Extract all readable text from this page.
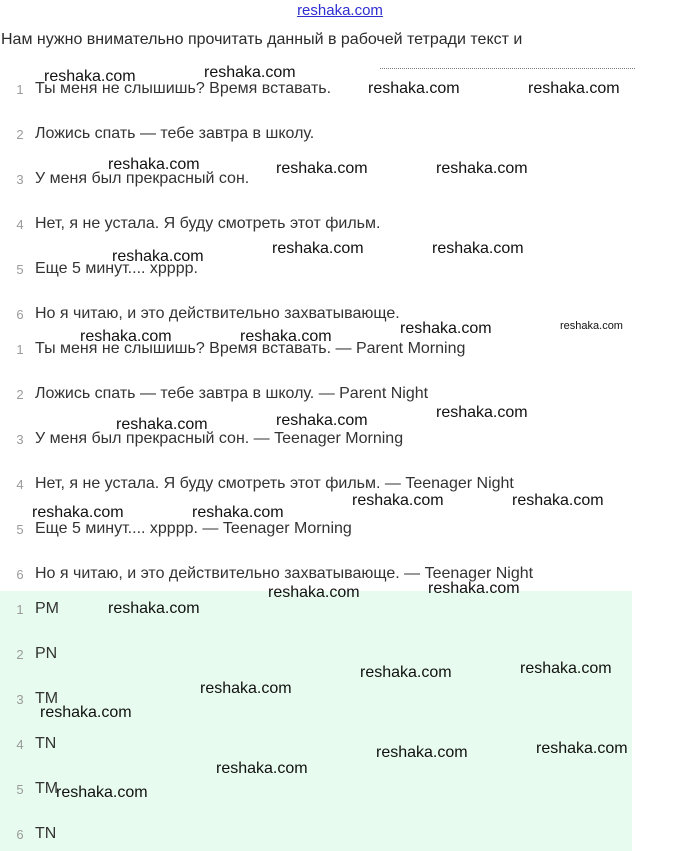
reshaka.com
Нам нужно внимательно прочитать данный в рабочей тетради текст и
1 Ты меня не слышишь? Время вставать.
2 Ложись спать — тебе завтра в школу.
3 У меня был прекрасный сон.
4 Нет, я не устала. Я буду смотреть этот фильм.
5 Еще 5 минут.... хрррр.
6 Но я читаю, и это действительно захватывающе.
1 Ты меня не слышишь? Время вставать. — Parent Morning
2 Ложись спать — тебе завтра в школу. — Parent Night
3 У меня был прекрасный сон. — Teenager Morning
4 Нет, я не устала. Я буду смотреть этот фильм. — Teenager Night
5 Еще 5 минут.... хрррр. — Teenager Morning
6 Но я читаю, и это действительно захватывающе. — Teenager Night
1 PM
2 PN
3 TM
4 TN
5 TM
6 TN
reshaka.com	reshaka.com
reshaka.com	reshaka.com
reshaka.com	reshaka.com	reshaka.com
reshaka.com	reshaka.com	reshaka.com
reshaka.com	reshaka.com	reshaka.com	reshaka.com
reshaka.com	reshaka.com	reshaka.com
reshaka.com	reshaka.com
reshaka.com	reshaka.com
reshaka.com	reshaka.com
reshaka.com
reshaka.com	reshaka.com
reshaka.com
reshaka.com
reshaka.com	reshaka.com
reshaka.com
reshaka.com
